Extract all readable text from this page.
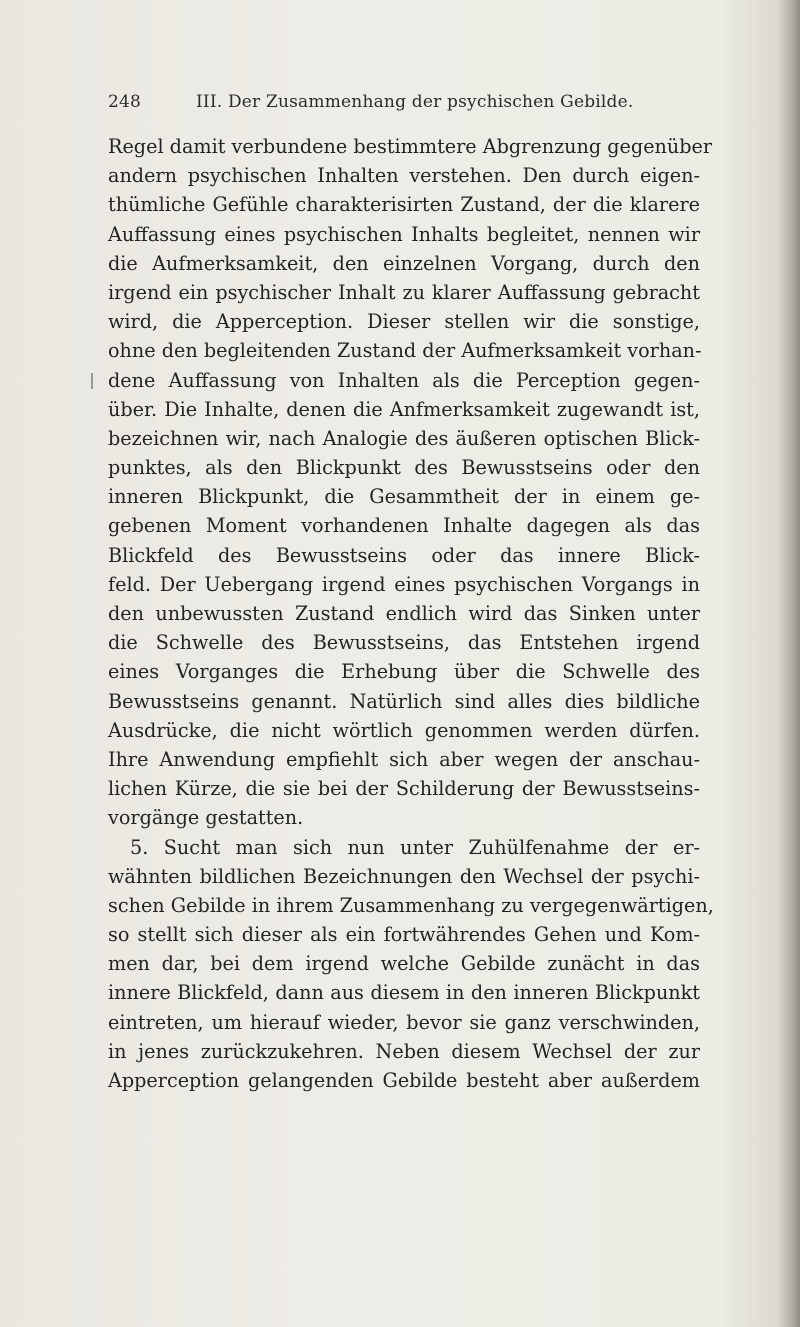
248	III. Der Zusammenhang der psychischen Gebilde.
Regel damit verbundene bestimmtere Abgrenzung gegenüber
andern psychischen Inhalten verstehen. Den durch eigen-
thümliche Gefühle charakterisirten Zustand, der die klarere
Auffassung eines psychischen Inhalts begleitet, nennen wir
die Aufmerksamkeit, den einzelnen Vorgang, durch den
irgend ein psychischer Inhalt zu klarer Auffassung gebracht
wird, die Apperception. Dieser stellen wir die sonstige,
ohne den begleitenden Zustand der Aufmerksamkeit vorhan-
dene Auffassung von Inhalten als die Perception gegen-
über. Die Inhalte, denen die Anfmerksamkeit zugewandt ist,
bezeichnen wir, nach Analogie des äußeren optischen Blick-
punktes, als den Blickpunkt des Bewusstseins oder den
inneren Blickpunkt, die Gesammtheit der in einem ge-
gebenen Moment vorhandenen Inhalte dagegen als das
Blickfeld des Bewusstseins oder das innere Blick-
feld. Der Uebergang irgend eines psychischen Vorgangs in
den unbewussten Zustand endlich wird das Sinken unter
die Schwelle des Bewusstseins, das Entstehen irgend
eines Vorganges die Erhebung über die Schwelle des
Bewusstseins genannt. Natürlich sind alles dies bildliche
Ausdrücke, die nicht wörtlich genommen werden dürfen.
Ihre Anwendung empfiehlt sich aber wegen der anschau-
lichen Kürze, die sie bei der Schilderung der Bewusstseins-
vorgänge gestatten.
5. Sucht man sich nun unter Zuhülfenahme der er-
wähnten bildlichen Bezeichnungen den Wechsel der psychi-
schen Gebilde in ihrem Zusammenhang zu vergegenwärtigen,
so stellt sich dieser als ein fortwährendes Gehen und Kom-
men dar, bei dem irgend welche Gebilde zunächt in das
innere Blickfeld, dann aus diesem in den inneren Blickpunkt
eintreten, um hierauf wieder, bevor sie ganz verschwinden,
in jenes zurückzukehren. Neben diesem Wechsel der zur
Apperception gelangenden Gebilde besteht aber außerdem
